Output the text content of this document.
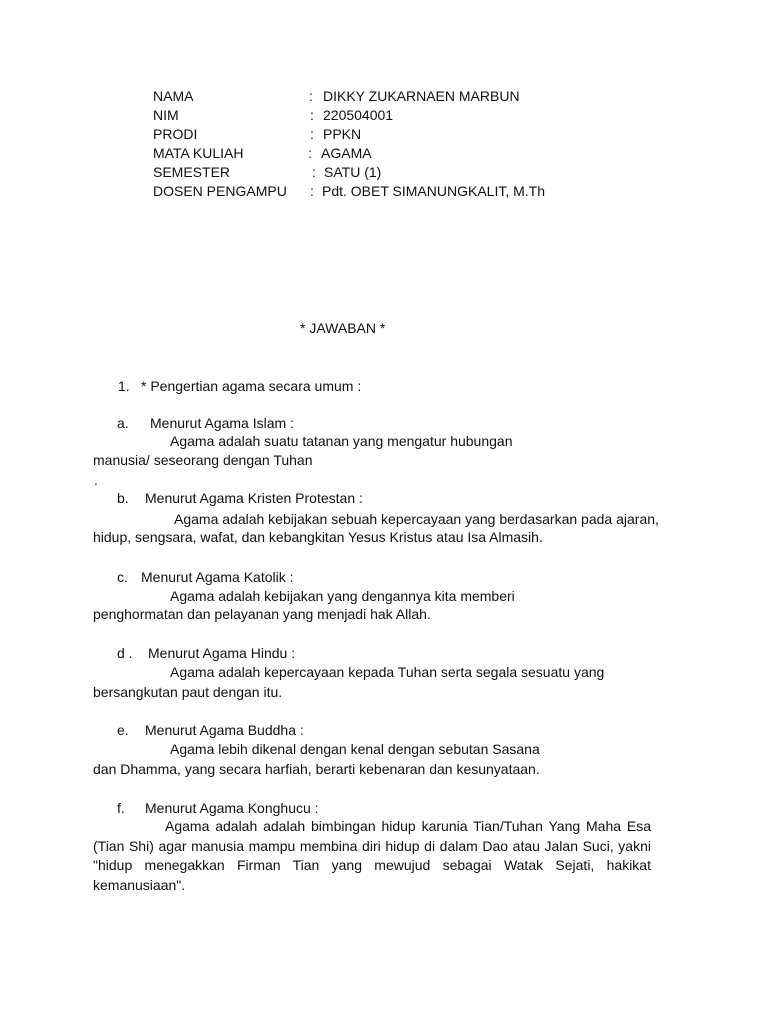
NAMA	: DIKKY ZUKARNAEN MARBUN
NIM	: 220504001
PRODI	: PPKN
MATA KULIAH	: AGAMA
SEMESTER	: SATU (1)
DOSEN PENGAMPU : Pdt. OBET SIMANUNGKALIT, M.Th
* JAWABAN *
1. * Pengertian agama secara umum :
a. Menurut Agama Islam :
Agama adalah suatu tatanan yang mengatur hubungan
manusia/ seseorang dengan Tuhan
.
b. Menurut Agama Kristen Protestan :
Agama adalah kebijakan sebuah kepercayaan yang berdasarkan pada ajaran,
hidup, sengsara, wafat, dan kebangkitan Yesus Kristus atau Isa Almasih.
c. Menurut Agama Katolik :
Agama adalah kebijakan yang dengannya kita memberi
penghormatan dan pelayanan yang menjadi hak Allah.
d . Menurut Agama Hindu :
Agama adalah kepercayaan kepada Tuhan serta segala sesuatu yang
bersangkutan paut dengan itu.
e. Menurut Agama Buddha :
Agama lebih dikenal dengan kenal dengan sebutan Sasana
dan Dhamma, yang secara harfiah, berarti kebenaran dan kesunyataan.
f. Menurut Agama Konghucu :
Agama adalah adalah bimbingan hidup karunia Tian/Tuhan Yang Maha Esa (Tian Shi) agar manusia mampu membina diri hidup di dalam Dao atau Jalan Suci, yakni "hidup menegakkan Firman Tian yang mewujud sebagai Watak Sejati, hakikat kemanusiaan".
